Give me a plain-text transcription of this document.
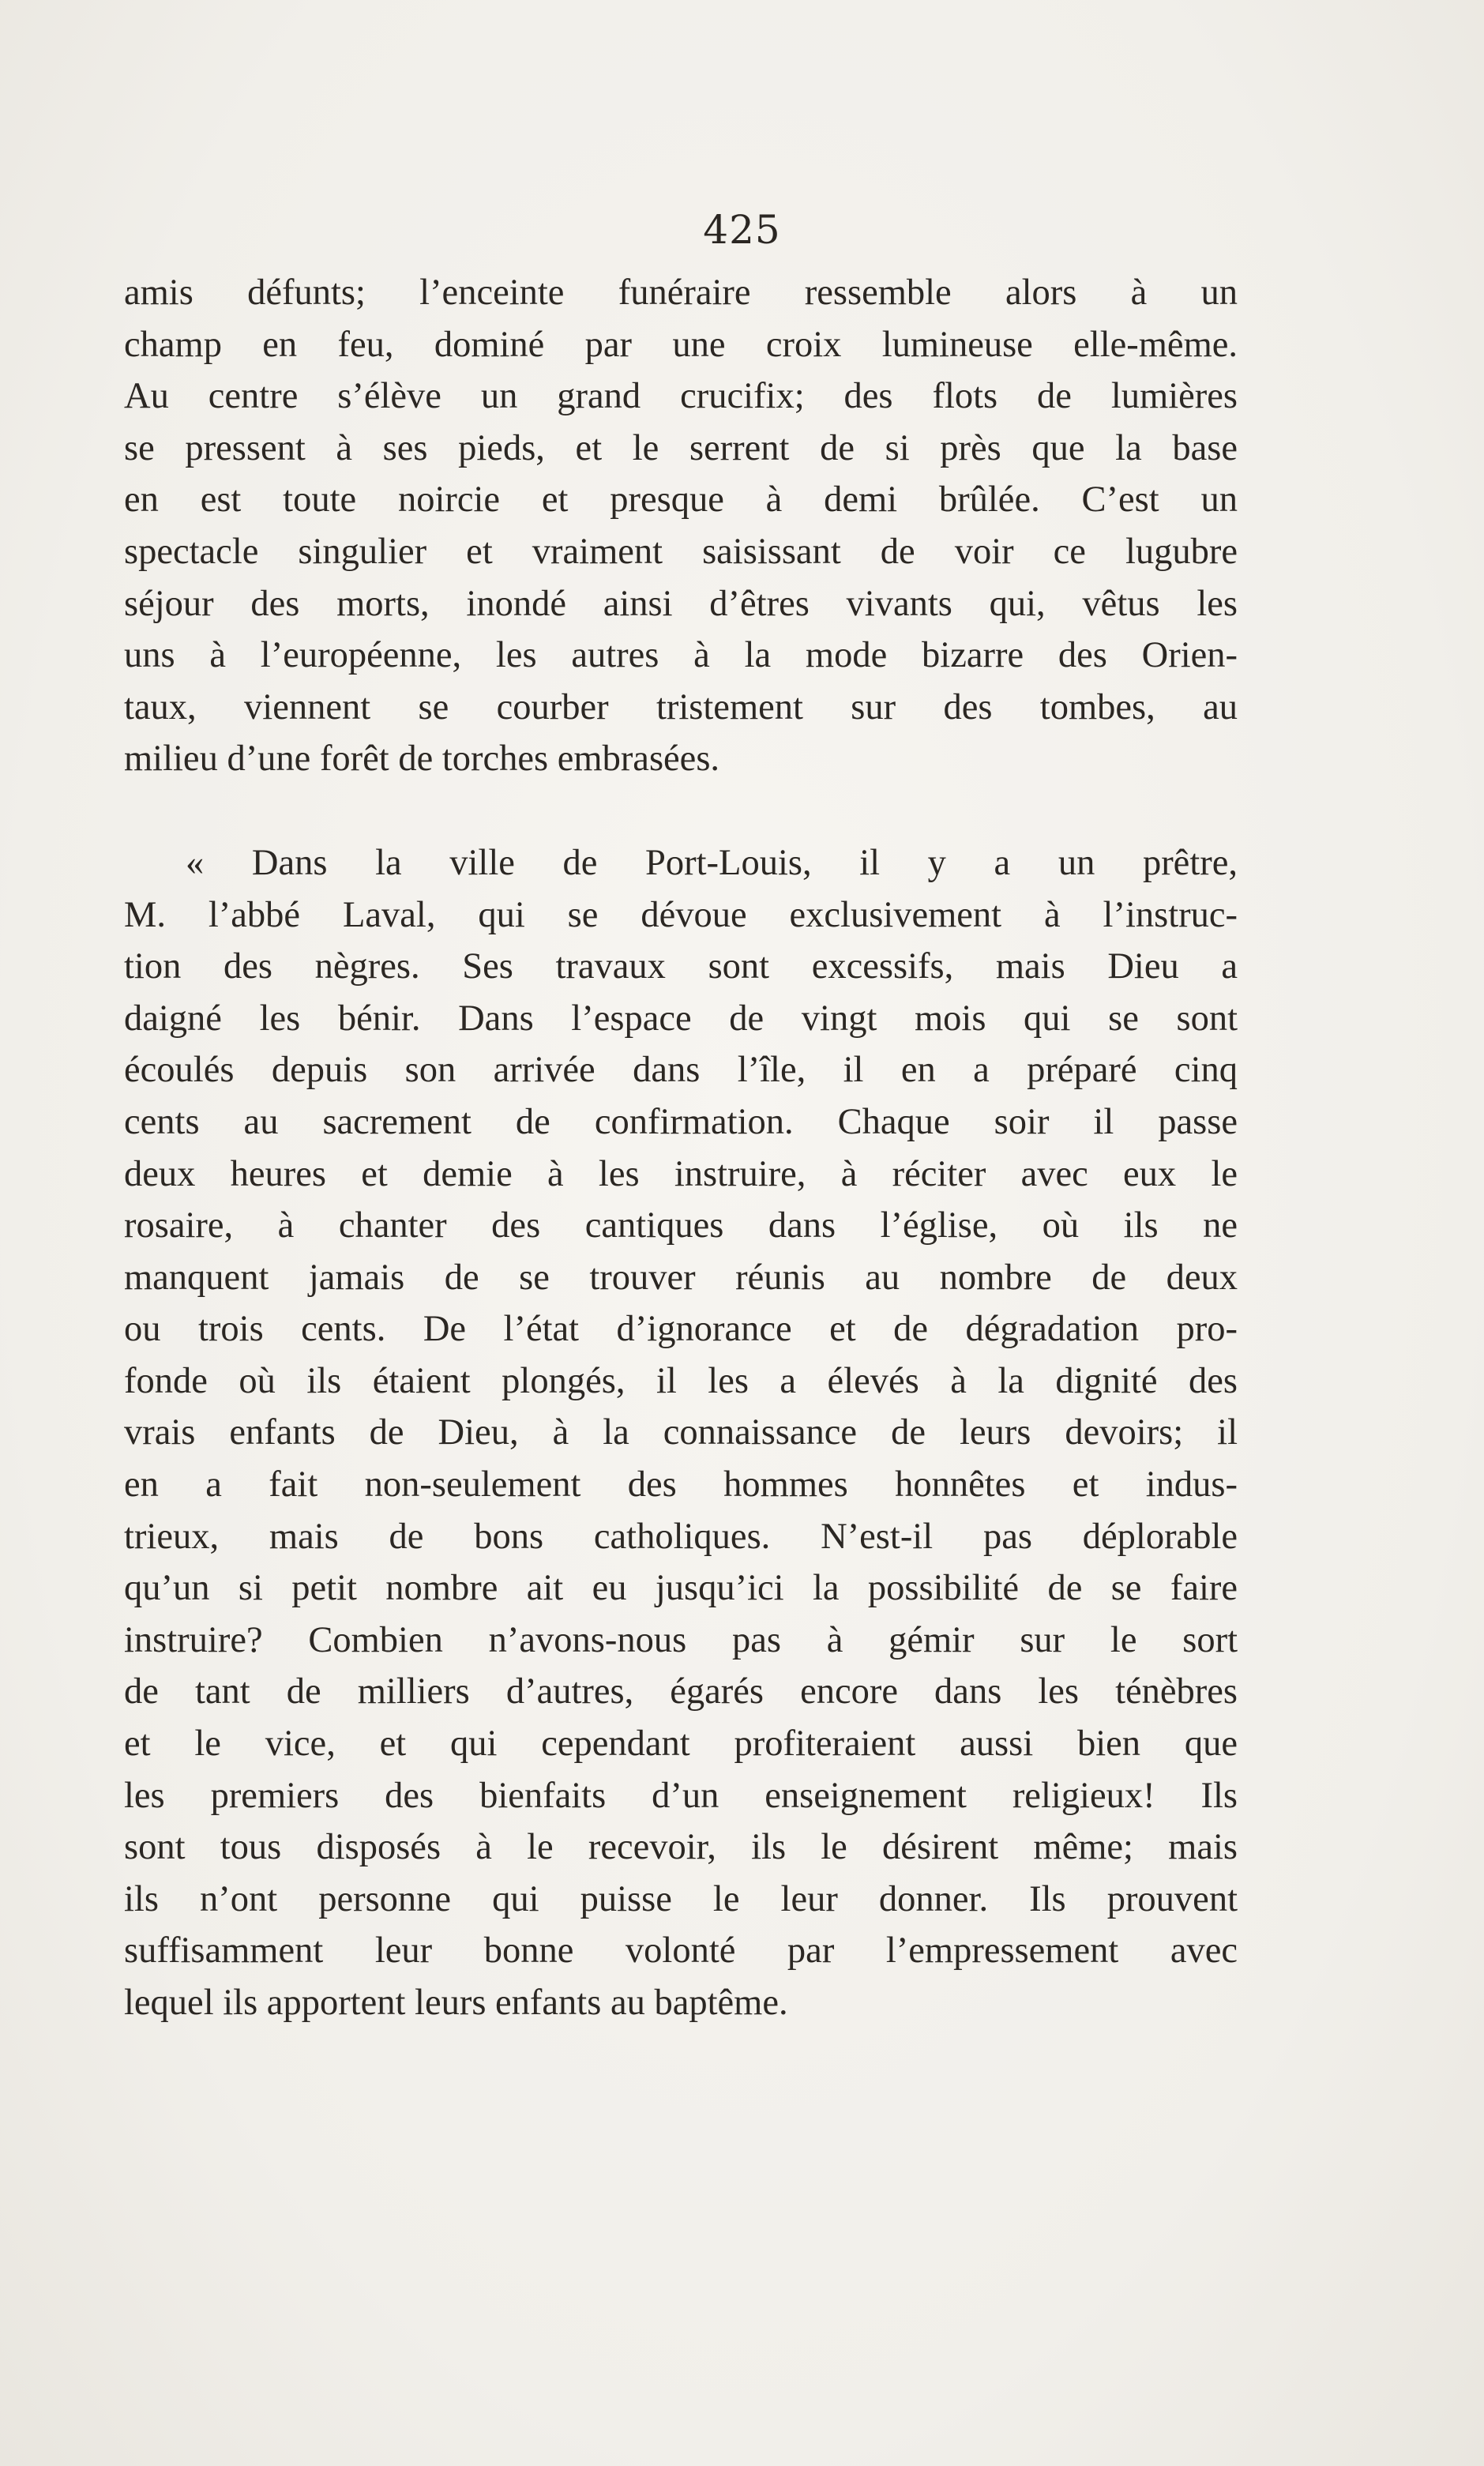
425
amis défunts; l’enceinte funéraire ressemble alors à un
champ en feu, dominé par une croix lumineuse elle-même.
Au centre s’élève un grand crucifix; des flots de lumières
se pressent à ses pieds, et le serrent de si près que la base
en est toute noircie et presque à demi brûlée. C’est un
spectacle singulier et vraiment saisissant de voir ce lugubre
séjour des morts, inondé ainsi d’êtres vivants qui, vêtus les
uns à l’européenne, les autres à la mode bizarre des Orien-
taux, viennent se courber tristement sur des tombes, au
milieu d’une forêt de torches embrasées.
« Dans la ville de Port-Louis, il y a un prêtre,
M. l’abbé Laval, qui se dévoue exclusivement à l’instruc-
tion des nègres. Ses travaux sont excessifs, mais Dieu a
daigné les bénir. Dans l’espace de vingt mois qui se sont
écoulés depuis son arrivée dans l’île, il en a préparé cinq
cents au sacrement de confirmation. Chaque soir il passe
deux heures et demie à les instruire, à réciter avec eux le
rosaire, à chanter des cantiques dans l’église, où ils ne
manquent jamais de se trouver réunis au nombre de deux
ou trois cents. De l’état d’ignorance et de dégradation pro-
fonde où ils étaient plongés, il les a élevés à la dignité des
vrais enfants de Dieu, à la connaissance de leurs devoirs; il
en a fait non-seulement des hommes honnêtes et indus-
trieux, mais de bons catholiques. N’est-il pas déplorable
qu’un si petit nombre ait eu jusqu’ici la possibilité de se faire
instruire? Combien n’avons-nous pas à gémir sur le sort
de tant de milliers d’autres, égarés encore dans les ténèbres
et le vice, et qui cependant profiteraient aussi bien que
les premiers des bienfaits d’un enseignement religieux! Ils
sont tous disposés à le recevoir, ils le désirent même; mais
ils n’ont personne qui puisse le leur donner. Ils prouvent
suffisamment leur bonne volonté par l’empressement avec
lequel ils apportent leurs enfants au baptême.
